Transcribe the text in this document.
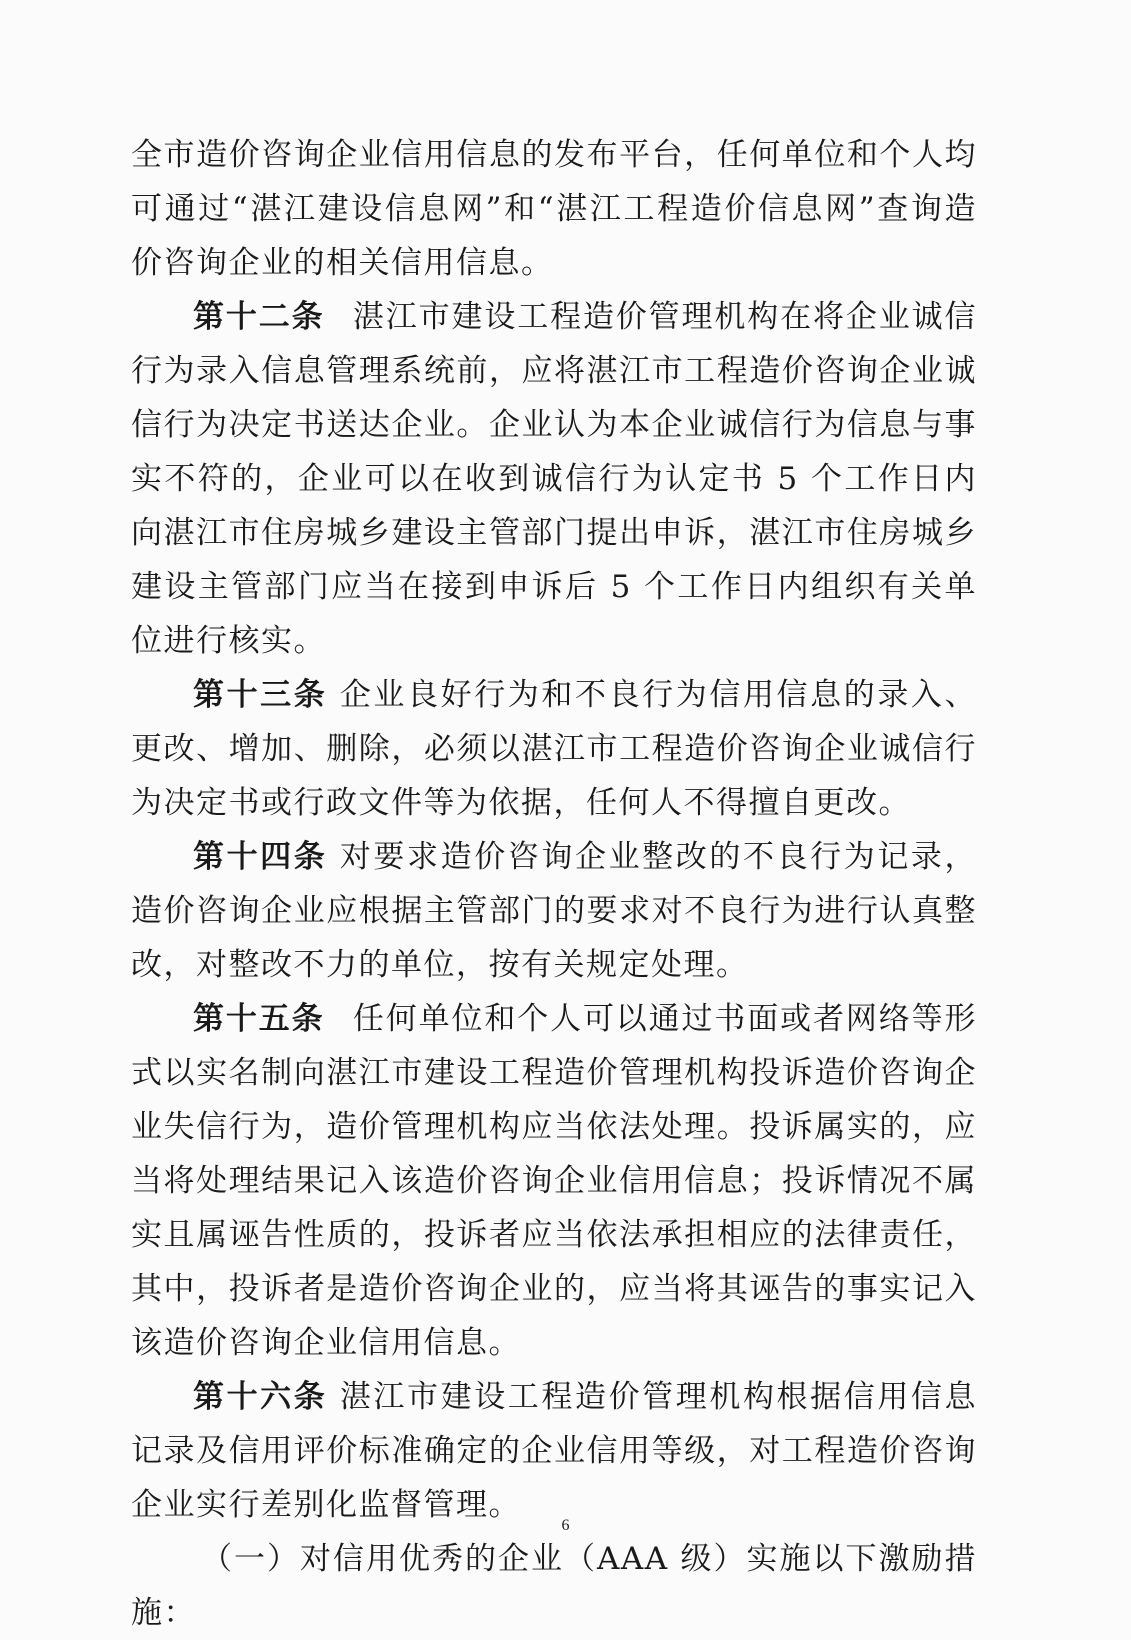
全市造价咨询企业信用信息的发布平台，任何单位和个人均可通过“湛江建设信息网”和“湛江工程造价信息网”查询造价咨询企业的相关信用信息。

第十二条 湛江市建设工程造价管理机构在将企业诚信行为录入信息管理系统前，应将湛江市工程造价咨询企业诚信行为决定书送达企业。企业认为本企业诚信行为信息与事实不符的，企业可以在收到诚信行为认定书 5 个工作日内向湛江市住房城乡建设主管部门提出申诉，湛江市住房城乡建设主管部门应当在接到申诉后 5 个工作日内组织有关单位进行核实。

第十三条 企业良好行为和不良行为信用信息的录入、更改、增加、删除，必须以湛江市工程造价咨询企业诚信行为决定书或行政文件等为依据，任何人不得擅自更改。

第十四条 对要求造价咨询企业整改的不良行为记录，造价咨询企业应根据主管部门的要求对不良行为进行认真整改，对整改不力的单位，按有关规定处理。

第十五条 任何单位和个人可以通过书面或者网络等形式以实名制向湛江市建设工程造价管理机构投诉造价咨询企业失信行为，造价管理机构应当依法处理。投诉属实的，应当将处理结果记入该造价咨询企业信用信息；投诉情况不属实且属诬告性质的，投诉者应当依法承担相应的法律责任，其中，投诉者是造价咨询企业的，应当将其诬告的事实记入该造价咨询企业信用信息。

第十六条 湛江市建设工程造价管理机构根据信用信息记录及信用评价标准确定的企业信用等级，对工程造价咨询企业实行差别化监督管理。

（一）对信用优秀的企业（AAA 级）实施以下激励措施：

6
